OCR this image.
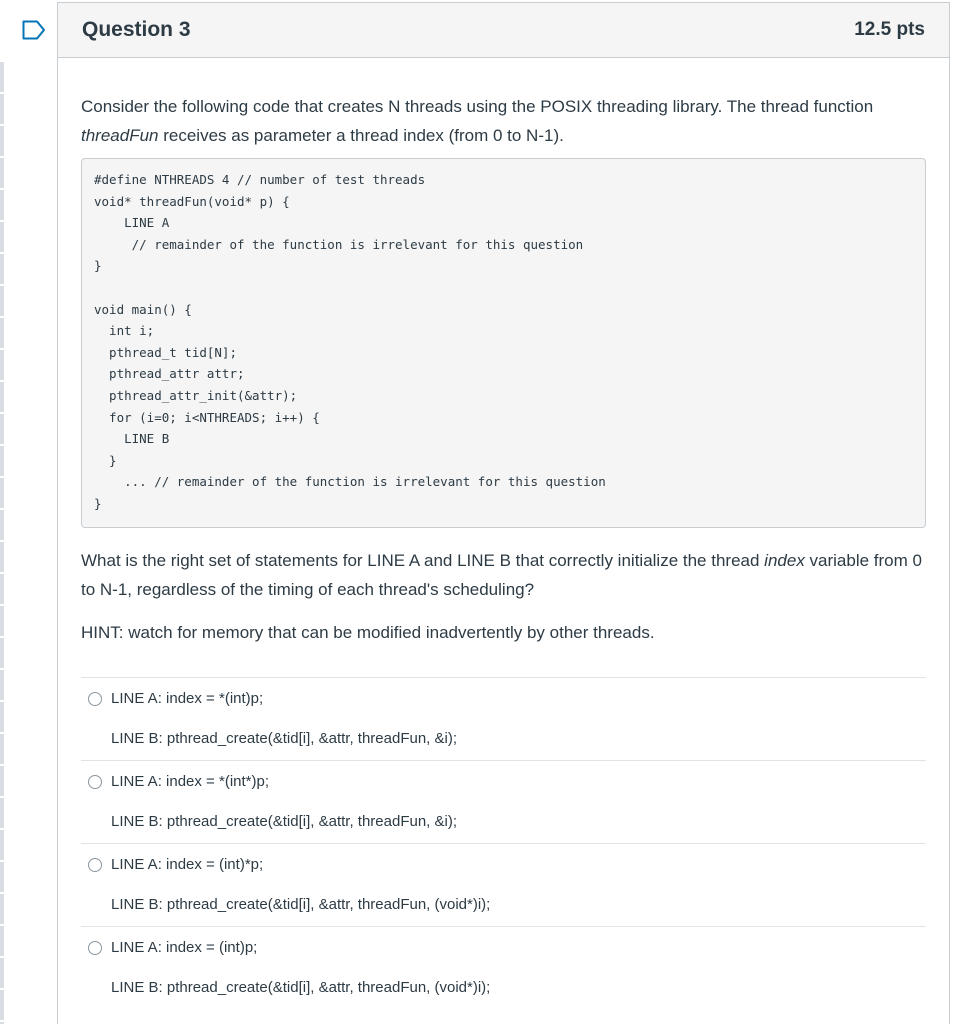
Question 3	12.5 pts

Consider the following code that creates N threads using the POSIX threading library. The thread function threadFun receives as parameter a thread index (from 0 to N-1).

#define NTHREADS 4 // number of test threads
void* threadFun(void* p) {
LINE A
// remainder of the function is irrelevant for this question
}
void main() {
int i;
pthread_t tid[N];
pthread_attr attr;
pthread_attr_init(&attr);
for (i=0; i<NTHREADS; i++) {
LINE B
}
... // remainder of the function is irrelevant for this question
}

What is the right set of statements for LINE A and LINE B that correctly initialize the thread index variable from 0 to N-1, regardless of the timing of each thread's scheduling?

HINT: watch for memory that can be modified inadvertently by other threads.

LINE A: index = *(int)p;
LINE B: pthread_create(&tid[i], &attr, threadFun, &i);
LINE A: index = *(int*)p;
LINE B: pthread_create(&tid[i], &attr, threadFun, &i);
LINE A: index = (int)*p;
LINE B: pthread_create(&tid[i], &attr, threadFun, (void*)i);
LINE A: index = (int)p;
LINE B: pthread_create(&tid[i], &attr, threadFun, (void*)i);
